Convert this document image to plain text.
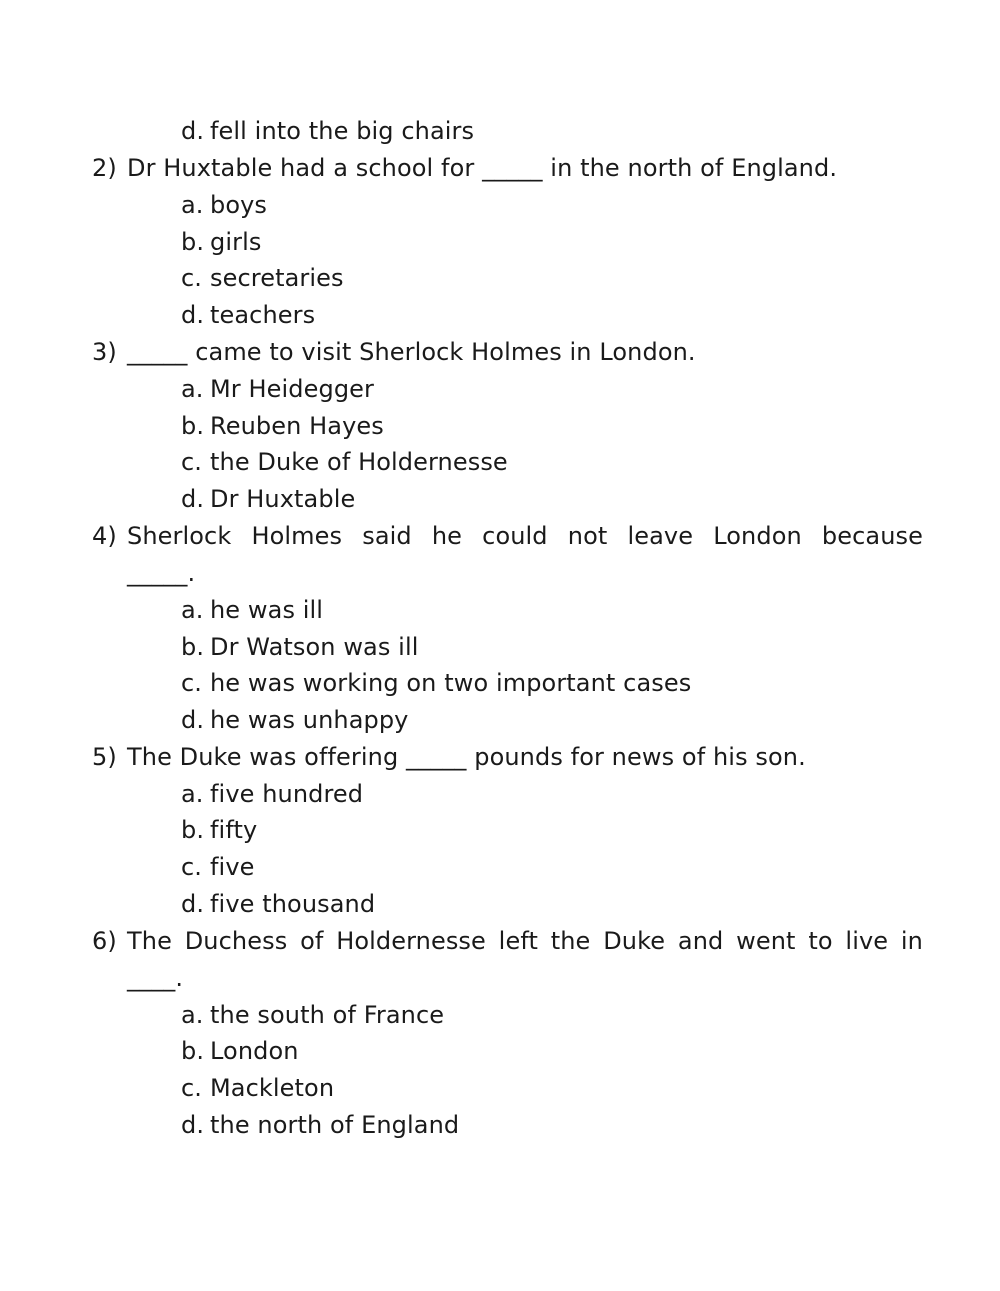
d. fell into the big chairs
2) Dr Huxtable had a school for _____ in the north of England.
a. boys
b. girls
c. secretaries
d. teachers
3) _____ came to visit Sherlock Holmes in London.
a. Mr Heidegger
b. Reuben Hayes
c. the Duke of Holdernesse
d. Dr Huxtable
4) Sherlock Holmes said he could not leave London because
_____.
a. he was ill
b. Dr Watson was ill
c. he was working on two important cases
d. he was unhappy
5) The Duke was offering _____ pounds for news of his son.
a. five hundred
b. fifty
c. five
d. five thousand
6) The Duchess of Holdernesse left the Duke and went to live in
____.
a. the south of France
b. London
c. Mackleton
d. the north of England
